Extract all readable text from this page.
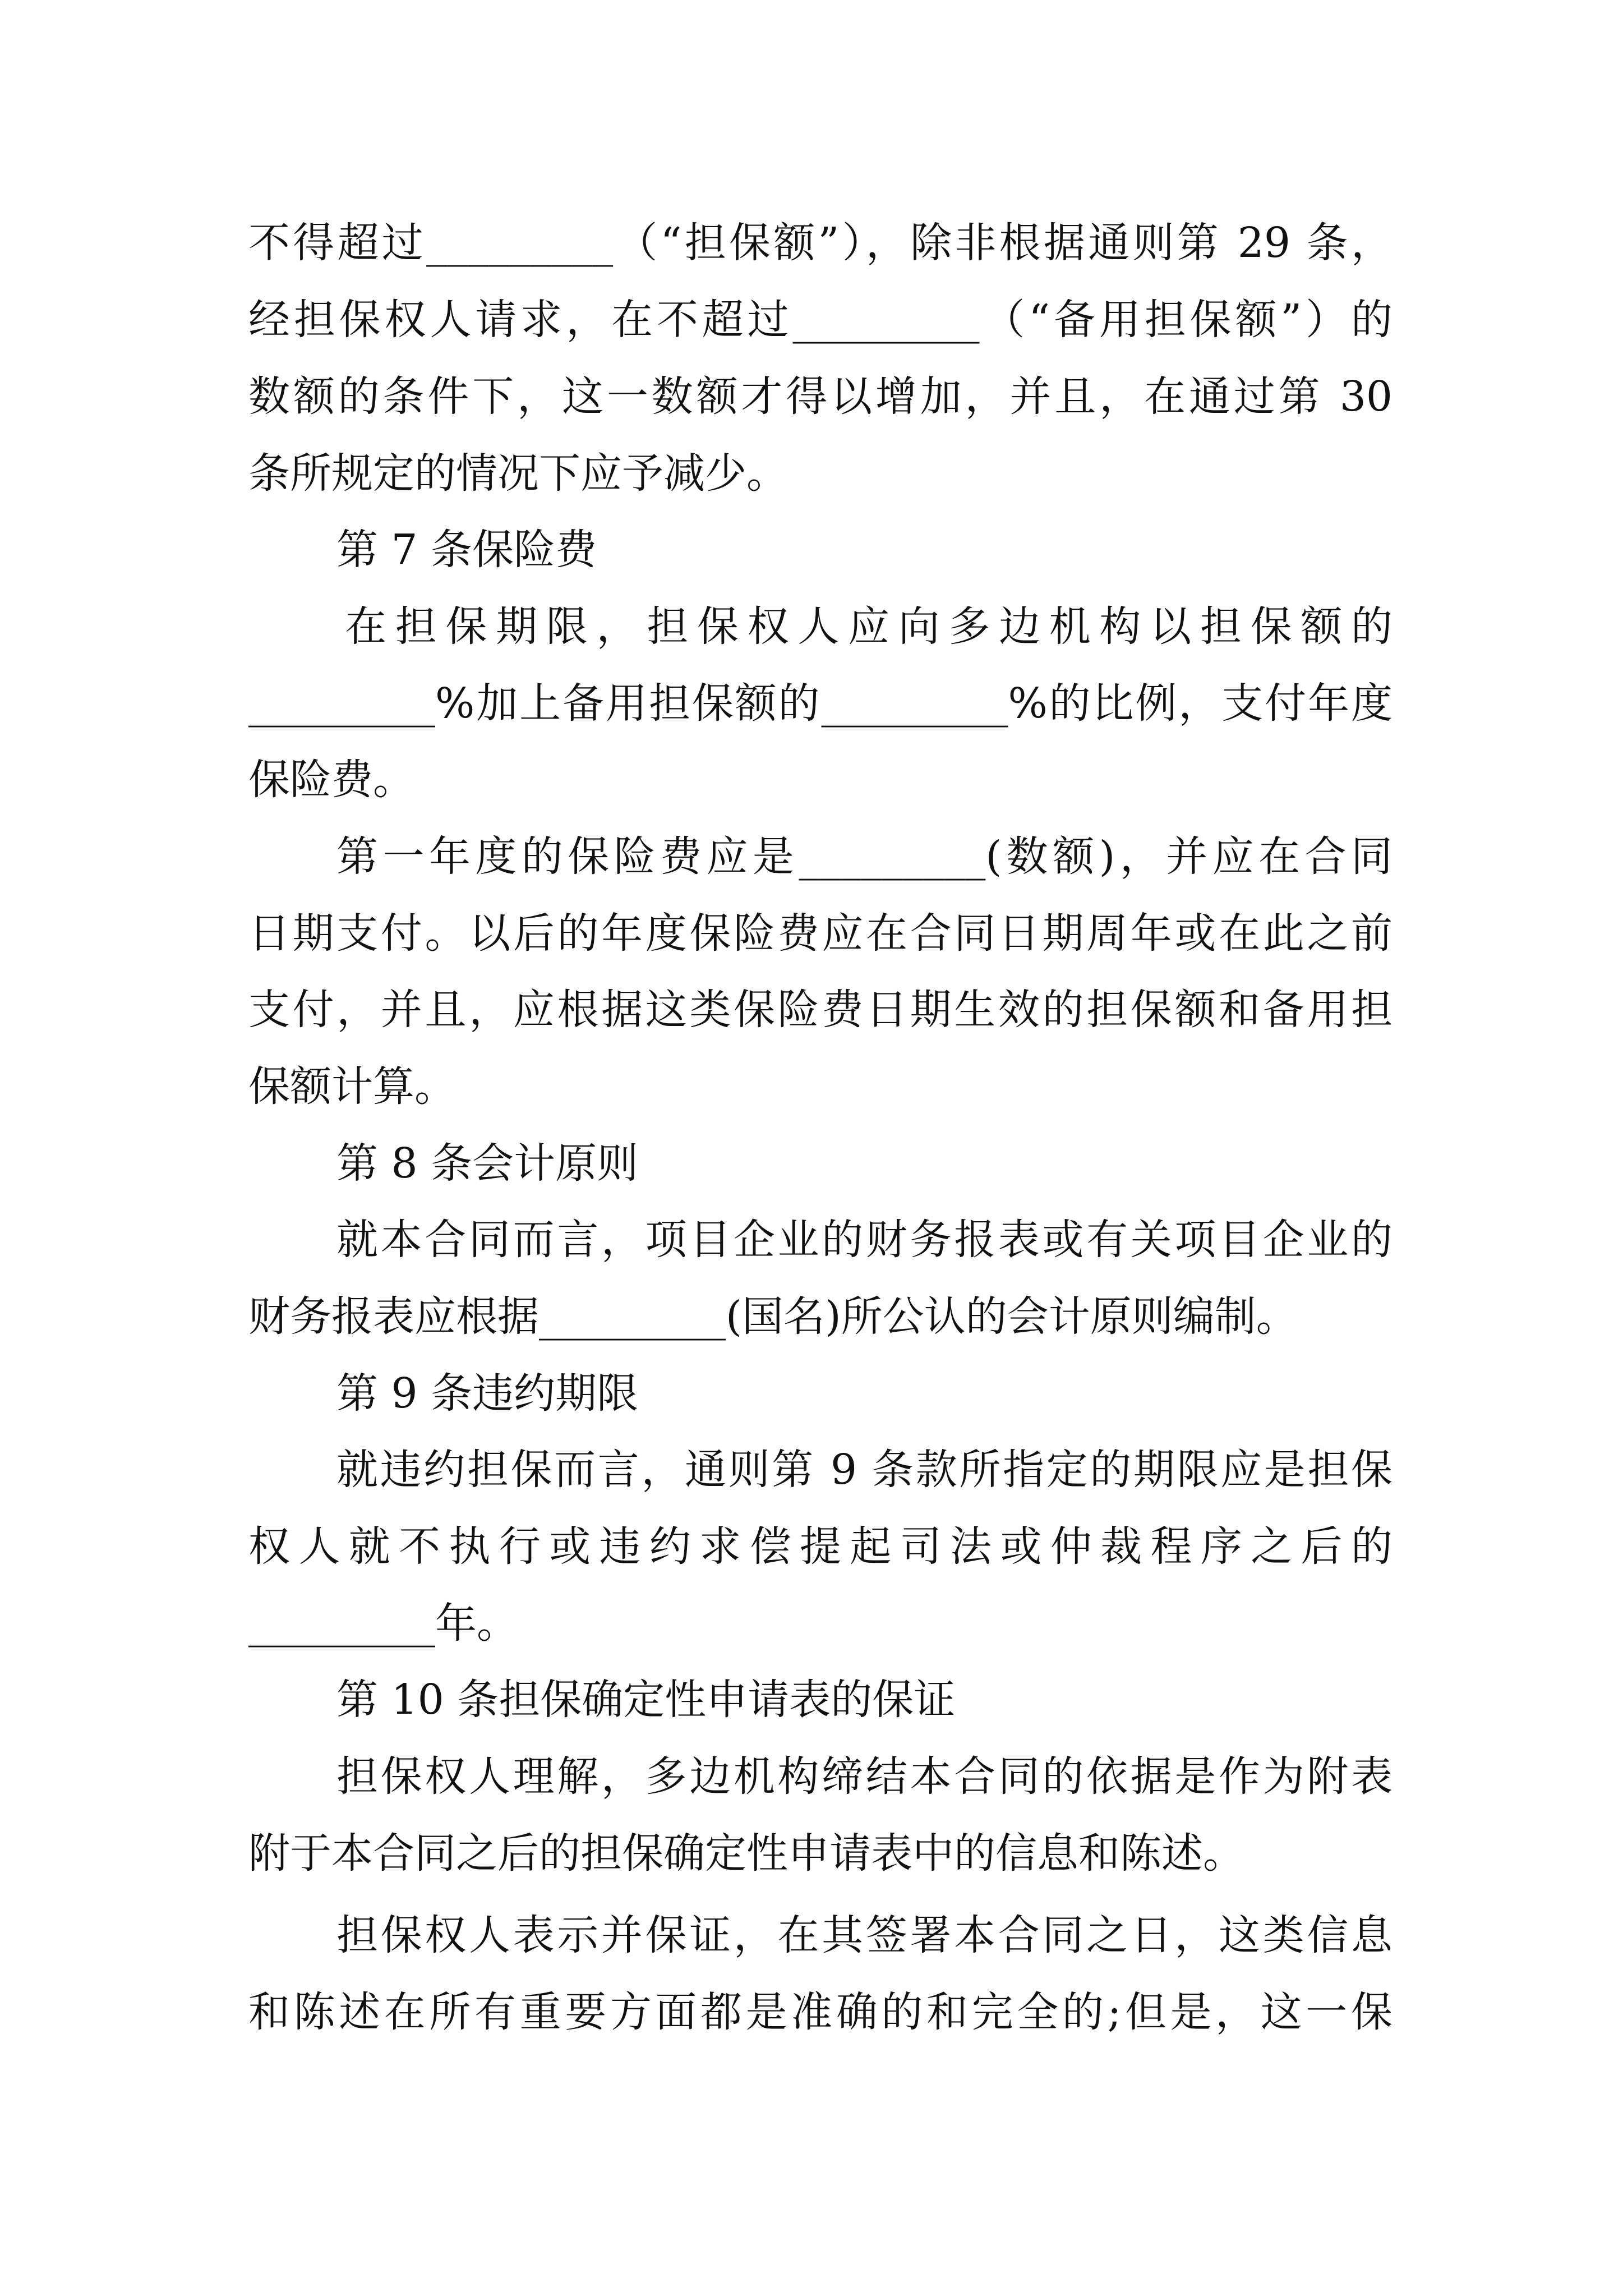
不得超过_________（“担保额”），除非根据通则第 29 条，
经担保权人请求，在不超过_________（“备用担保额”）的
数额的条件下，这一数额才得以增加，并且，在通过第 30
条所规定的情况下应予减少。
第 7 条保险费
在担保期限，担保权人应向多边机构以担保额的
_________%加上备用担保额的_________%的比例，支付年度
保险费。
第一年度的保险费应是_________(数额)，并应在合同
日期支付。以后的年度保险费应在合同日期周年或在此之前
支付，并且，应根据这类保险费日期生效的担保额和备用担
保额计算。
第 8 条会计原则
就本合同而言，项目企业的财务报表或有关项目企业的
财务报表应根据_________(国名)所公认的会计原则编制。
第 9 条违约期限
就违约担保而言，通则第 9 条款所指定的期限应是担保
权人就不执行或违约求偿提起司法或仲裁程序之后的
_________年。
第 10 条担保确定性申请表的保证
担保权人理解，多边机构缔结本合同的依据是作为附表
附于本合同之后的担保确定性申请表中的信息和陈述。
担保权人表示并保证，在其签署本合同之日，这类信息
和陈述在所有重要方面都是准确的和完全的;但是，这一保
